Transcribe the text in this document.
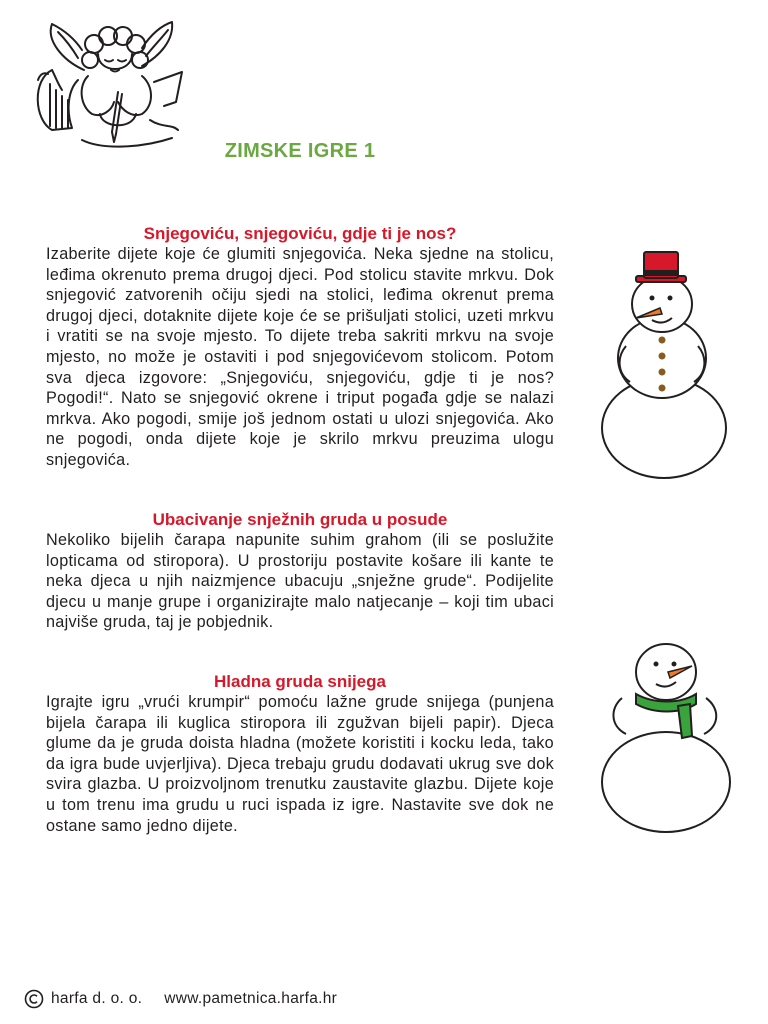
ZIMSKE IGRE 1
Snjegoviću, snjegoviću, gdje ti je nos?

Izaberite dijete koje će glumiti snjegovića. Neka sjedne na stolicu, leđima okrenuto prema drugoj djeci. Pod stolicu stavite mrkvu. Dok snjegović zatvorenih očiju sjedi na stolici, leđima okrenut prema drugoj djeci, dotaknite dijete koje će se prišuljati stolici, uzeti mrkvu i vratiti se na svoje mjesto. To dijete treba sakriti mrkvu na svoje mjesto, no može je ostaviti i pod snjegovićevom stolicom. Potom sva djeca izgovore: „Snjegoviću, snjegoviću, gdje ti je nos? Pogodi!“. Nato se snjegović okrene i triput pogađa gdje se nalazi mrkva. Ako pogodi, smije još jednom ostati u ulozi snjegovića. Ako ne pogodi, onda dijete koje je skrilo mrkvu preuzima ulogu snjegovića.

Ubacivanje snježnih gruda u posude

Nekoliko bijelih čarapa napunite suhim grahom (ili se poslužite lopticama od stiropora). U prostoriju postavite košare ili kante te neka djeca u njih naizmjence ubacuju „snježne grude“. Podijelite djecu u manje grupe i organizirajte malo natjecanje – koji tim ubaci najviše gruda, taj je pobjednik.

Hladna gruda snijega

Igrajte igru „vrući krumpir“ pomoću lažne grude snijega (punjena bijela čarapa ili kuglica stiropora ili zgužvan bijeli papir). Djeca glume da je gruda doista hladna (možete koristiti i kocku leda, tako da igra bude uvjerljiva). Djeca trebaju grudu dodavati ukrug sve dok svira glazba. U proizvoljnom trenutku zaustavite glazbu. Dijete koje u tom trenu ima grudu u ruci ispada iz igre. Nastavite sve dok ne ostane samo jedno dijete.

harfa d. o. o. www.pametnica.harfa.hr
